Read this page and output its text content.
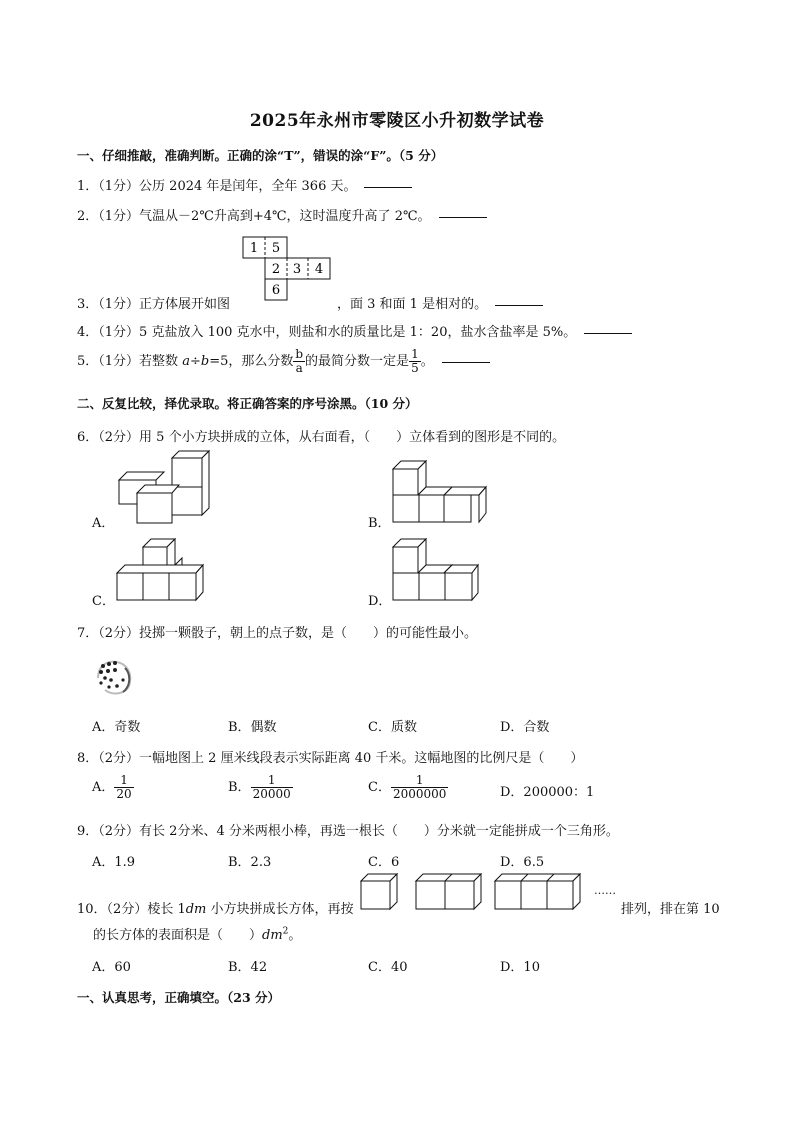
2025年永州市零陵区小升初数学试卷
一、仔细推敲，准确判断。正确的涂“T”，错误的涂“F”。（5 分）
1．（1分）公历 2024 年是闰年，全年 366 天。
2．（1分）气温从－2℃升高到+4℃，这时温度升高了 2℃。
1 5
2 3 4
6
3．（1分）正方体展开如图	，面 3 和面 1 是相对的。
4．（1分）5 克盐放入 100 克水中，则盐和水的质量比是 1：20，盐水含盐率是 5%。
5．（1分）若整数 a÷b=5，那么分数 $\frac{b}{a}$ 的最简分数一定是 $\frac{1}{5}$ 。
二、反复比较，择优录取。将正确答案的序号涂黑。（10 分）
6．（2分）用 5 个小方块拼成的立体，从右面看，（　　）立体看到的图形是不同的。
A．	B．
C．	D．
7．（2分）投掷一颗骰子，朝上的点子数，是（　　）的可能性最小。
A．奇数	B．偶数	C．质数	D．合数
8．（2分）一幅地图上 2 厘米线段表示实际距离 40 千米。这幅地图的比例尺是（　　）
A． $\frac{1}{20}$	B． $\frac{1}{20000}$	C． $\frac{1}{2000000}$	D．200000：1
9．（2分）有长 2分米、4 分米两根小棒，再选一根长（　　）分米就一定能拼成一个三角形。
A．1.9	B．2.3	C．6	D．6.5
10．（2分）棱长 1dm 小方块拼成长方体，再按
……
排列，排在第 10
的长方体的表面积是（　　）$dm^2$。
A．60	B．42	C．40	D．10
一、认真思考，正确填空。（23 分）
